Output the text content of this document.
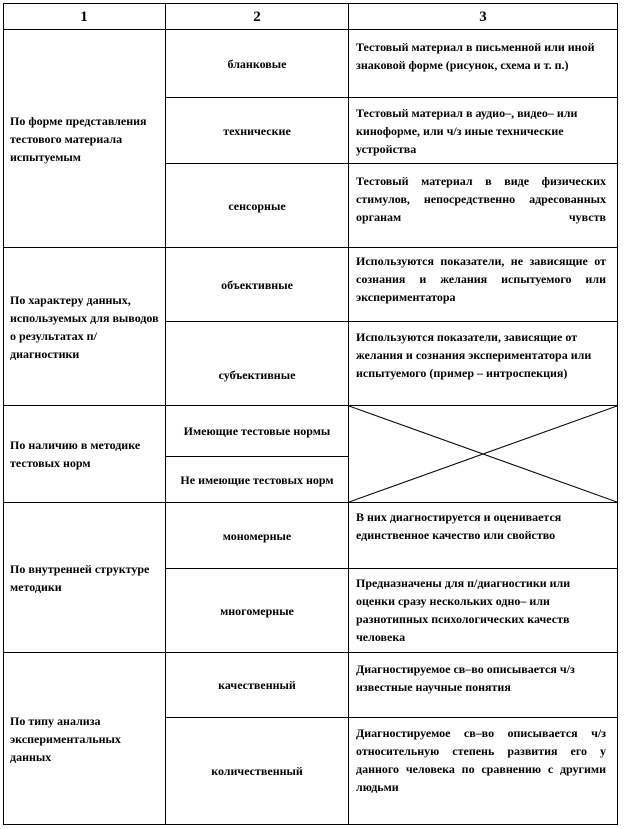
1	2	3
По форме представления тестового материала испытуемым
бланковые
технические
сенсорные
Тестовый материал в письменной или иной знаковой форме (рисунок, схема и т. п.)
Тестовый материал в аудио–, видео– или киноформе, или ч/з иные технические устройства
Тестовый материал в виде физических стимулов, непосредственно адресованных органам чувств
По характеру данных, используемых для выводов о результатах п/диагностики
объективные
субъективные
Используются показатели, не зависящие от сознания и желания испытуемого или экспериментатора
Используются показатели, зависящие от желания и сознания экспериментатора или испытуемого (пример – интроспекция)
По наличию в методике тестовых норм
Имеющие тестовые нормы
Не имеющие тестовых норм
По внутренней структуре методики
мономерные
многомерные
В них диагностируется и оценивается единственное качество или свойство
Предназначены для п/диагностики или оценки сразу нескольких одно– или разнотипных психологических качеств человека
По типу анализа экспериментальных данных
качественный
количественный
Диагностируемое св–во описывается ч/з известные научные понятия
Диагностируемое св–во описывается ч/з относительную степень развития его у данного человека по сравнению с другими людьми
